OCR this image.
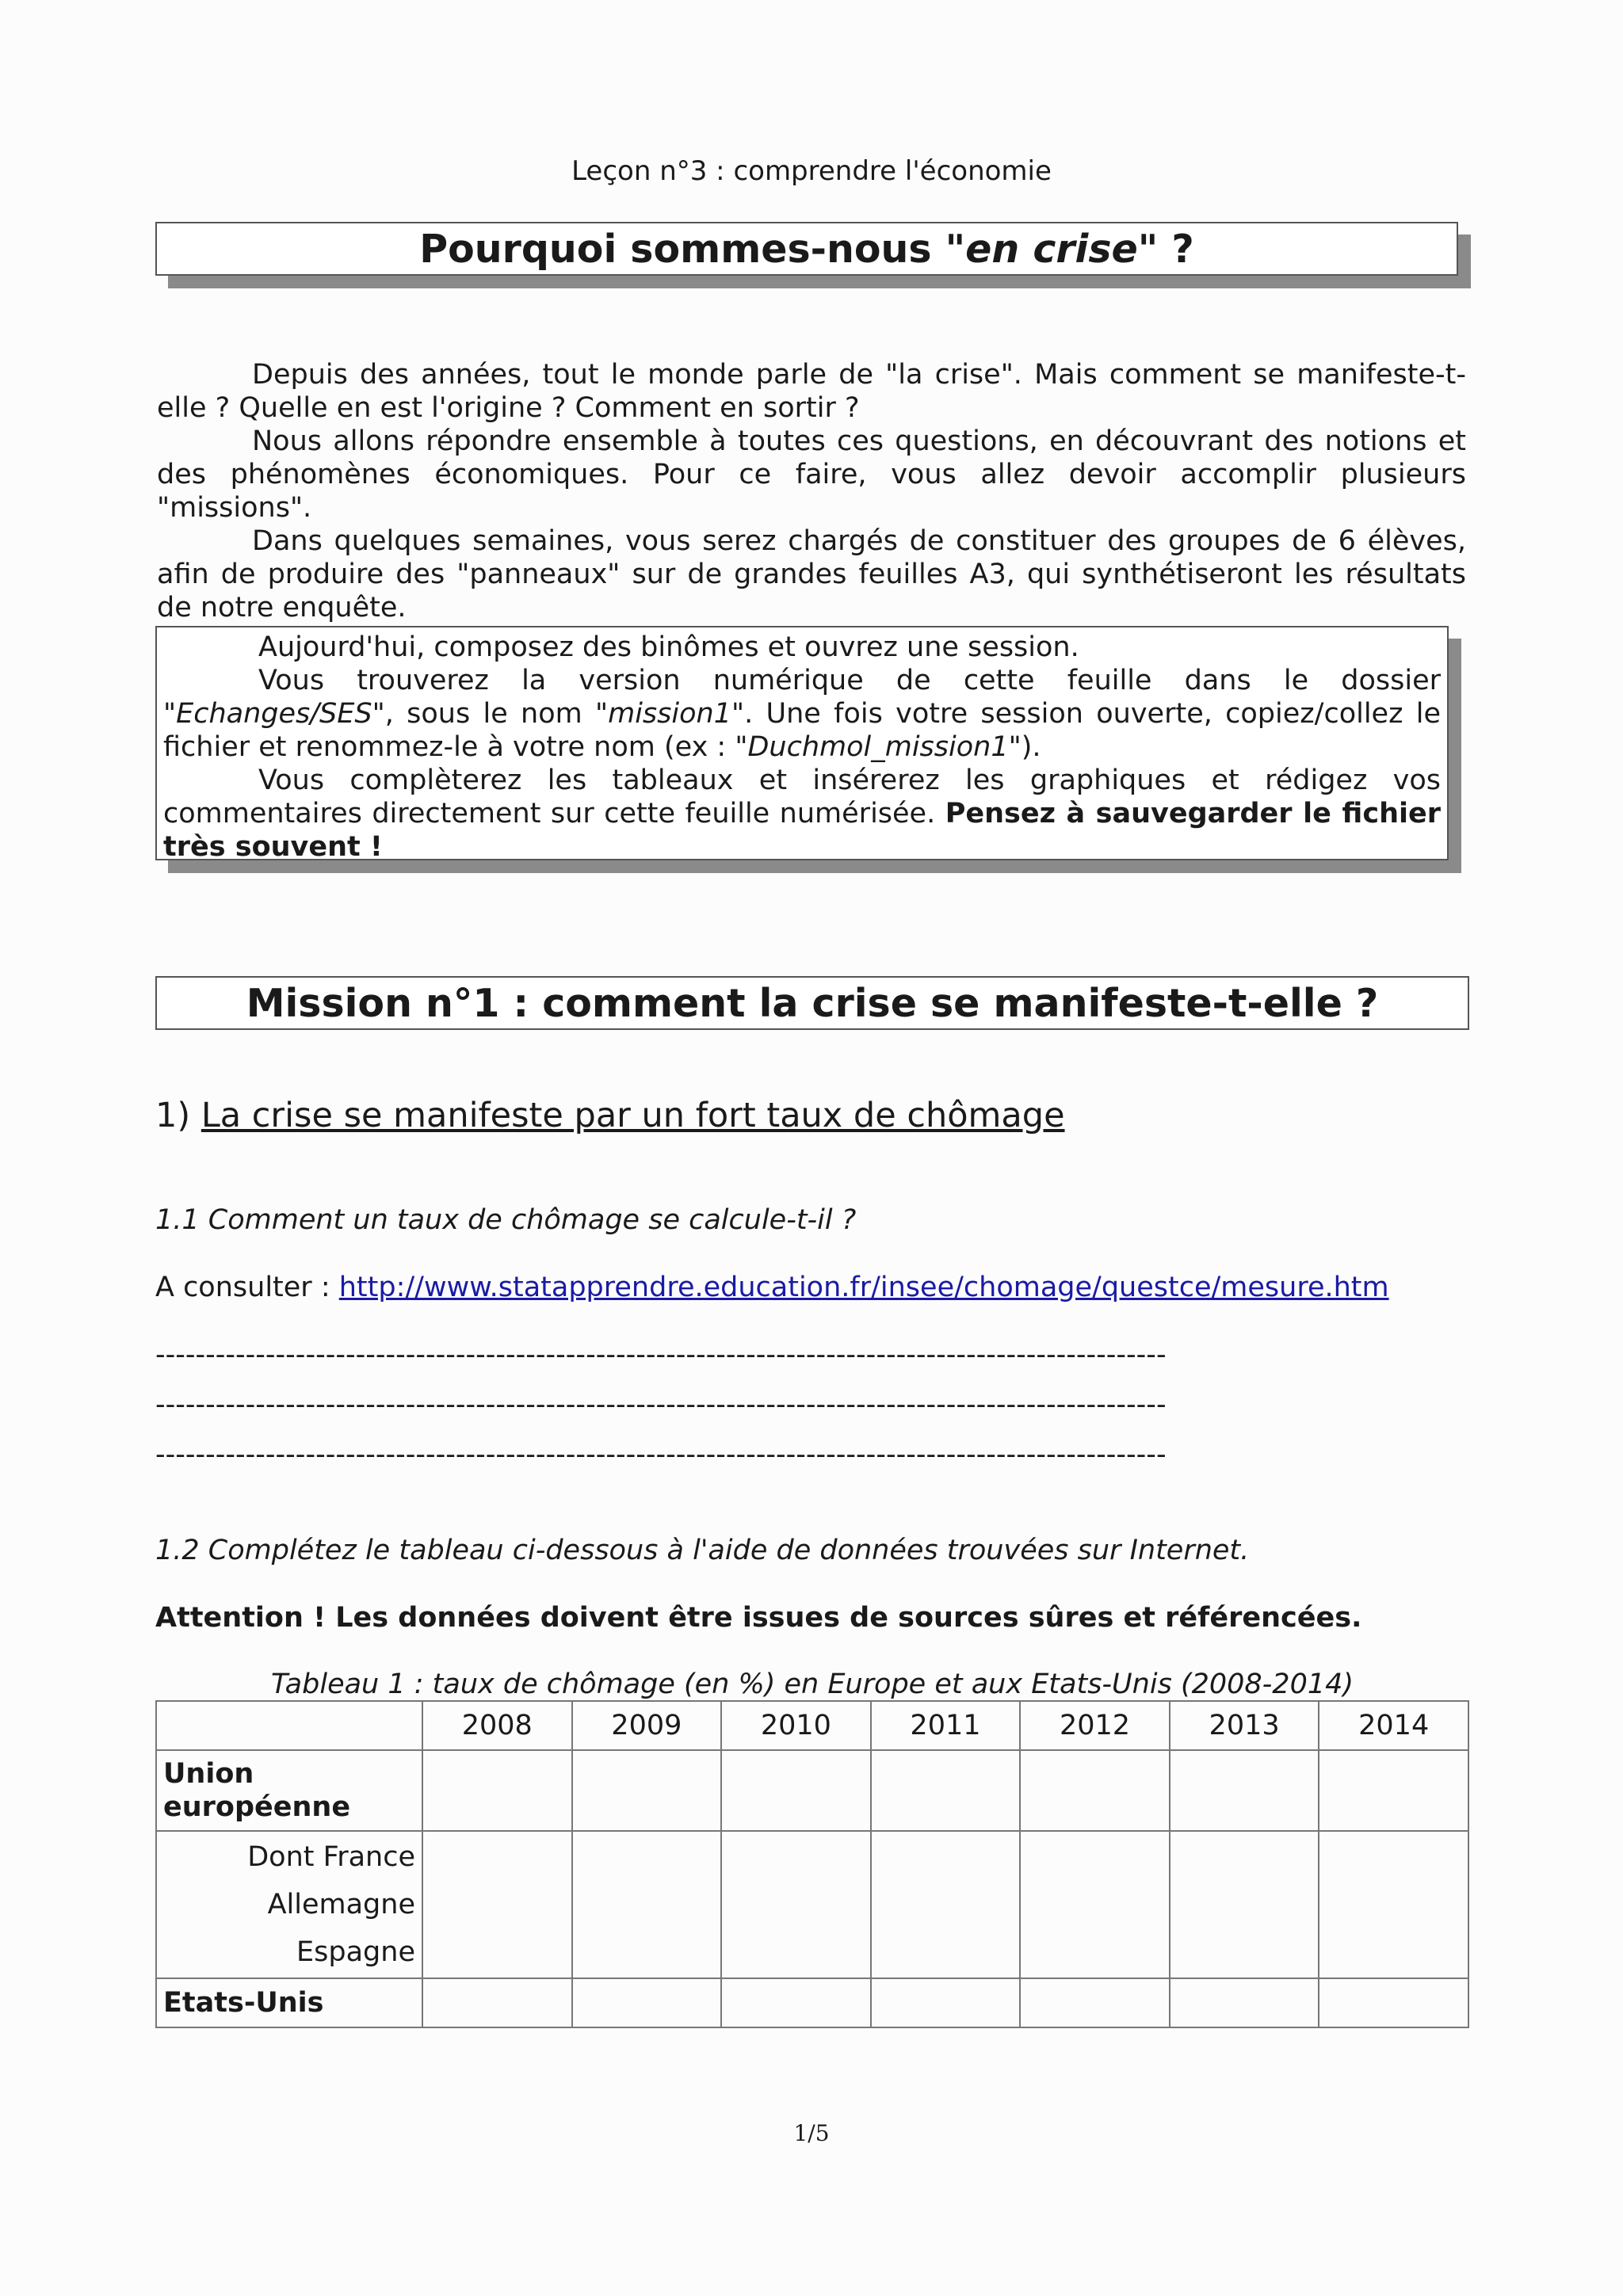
Leçon n°3 : comprendre l'économie
Pourquoi sommes-nous " en crise " ?

Depuis des années, tout le monde parle de "la crise". Mais comment se manifeste-t-elle ? Quelle en est l'origine ? Comment en sortir ?

Nous allons répondre ensemble à toutes ces questions, en découvrant des notions et des phénomènes économiques. Pour ce faire, vous allez devoir accomplir plusieurs "missions".

Dans quelques semaines, vous serez chargés de constituer des groupes de 6 élèves, afin de produire des "panneaux" sur de grandes feuilles A3, qui synthétiseront les résultats de notre enquête.

Aujourd'hui, composez des binômes et ouvrez une session.

Vous trouverez la version numérique de cette feuille dans le dossier "Echanges/SES", sous le nom "mission1". Une fois votre session ouverte, copiez/collez le fichier et renommez-le à votre nom (ex : "Duchmol_mission1").

Vous complèterez les tableaux et insérerez les graphiques et rédigez vos commentaires directement sur cette feuille numérisée. Pensez à sauvegarder le fichier très souvent !

Mission n°1 : comment la crise se manifeste-t-elle ?
1) La crise se manifeste par un fort taux de chômage
1.1 Comment un taux de chômage se calcule-t-il ?
A consulter : http://www.statapprendre.education.fr/insee/chomage/questce/mesure.htm
-----------------------------------------------------------------------------------------------------
-----------------------------------------------------------------------------------------------------
-----------------------------------------------------------------------------------------------------
1.2 Complétez le tableau ci-dessous à l'aide de données trouvées sur Internet.
Attention ! Les données doivent être issues de sources sûres et référencées.
Tableau 1 : taux de chômage (en %) en Europe et aux Etats-Unis (2008-2014)
	2008	2009	2010	2011	2012	2013	2014
Union européenne							

Dont France
Allemagne
Espagne							

Etats-Unis							
1/5
